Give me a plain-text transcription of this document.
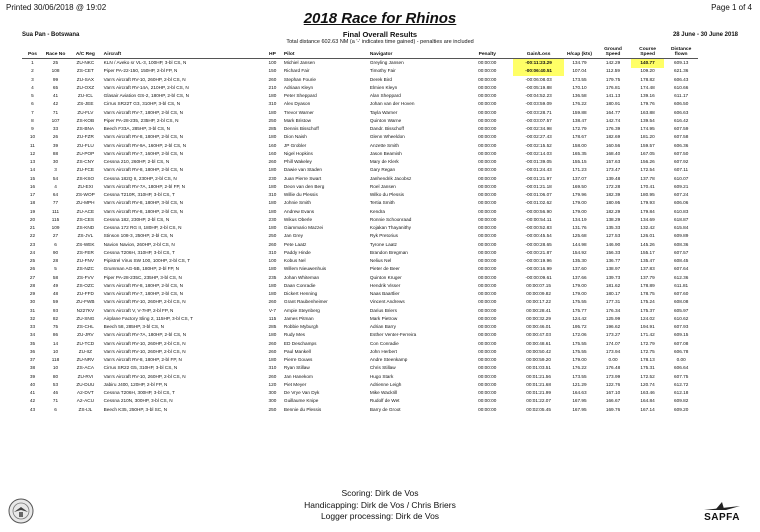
Printed 30/06/2018 @ 19:02	Page 1 of 4
2018 Race for Rhinos
Sua Pan - Botswana	28 June - 30 June 2018
Final Overall Results
Total distance 602.63 NM (a '-' indicates time gained) - penalties are included
Pos	Race No	A/C Reg	Aircraft	HP	Pilot	Navigator	Penalty	Gain/Loss	H/cap (kts)	Ground Speed	Course Speed	Distance flown
1	25	ZU-NKC	KLN / Aveko sr VL-3, 100HP, 3-bl CS, N	100	Michiel Jansen	Greyling Jansen	00:00:00	-00:11:23.29	134.79	142.29	140.77	609.13
2	108	ZS-CET	Piper PA-22-150, 150HP, 2-bl FP, N	150	Richard Fair	Timothy Fair	00:00:00	-00:06:40.51	107.04	112.59	109.20	621.36
3	99	ZU-SAX	Van's Aircraft RV-10, 260HP, 2-bl CS, N	260	Stephan Fourie	Derek Bird	00:00:00	-00:06:08.03	173.55	179.75	178.82	606.43
4	65	ZU-OXZ	Van's Aircraft RV-14A, 210HP, 2-bl CS, N	210	Adriaan Kleyn	Elmien Kleyn	00:00:00	-00:05:19.88	170.10	176.81	174.48	610.66
5	41	ZU-ICL	Glasair Aviation GS-2, 180HP, 2-bl CS, N	180	Peter Sheppard	Alan Sheppard	00:00:00	-00:04:52.23	136.58	141.13	139.16	611.17
6	42	ZS-JEE	Cirrus SR22T G3, 310HP, 3-bl CS, N	310	Alex Dyason	Johan van der Hoven	00:00:00	-00:03:59.09	176.22	180.91	179.76	606.50
7	71	ZU-FLV	Van's Aircraft RV-7, 180HP, 2-bl CS, N	180	Trevor Warner	Tayla Warner	00:00:00	-00:03:28.71	159.88	164.77	163.88	606.63
8	107	ZS-KOB	Piper PA-28-235, 235HP, 2-bl CS, N	250	Mark Bristow	Quinton Warne	00:00:00	-00:03:07.57	138.47	142.74	139.54	616.42
9	33	ZS-BNA	Beech F33A, 285HP, 3-bl CS, N	285	Dennis Bisschoff	Dandr. Bisschoff	00:00:00	-00:02:34.98	172.79	176.39	174.95	607.59
10	26	ZU-FZR	Van's Aircraft RV-8, 180HP, 2-bl CS, N	180	Dion Naish	Glenn Wheeldon	00:00:00	-00:02:27.43	178.67	182.69	181.20	607.58
11	39	ZU-FLU	Van's Aircraft RV-9A, 160HP, 2-bl CS, N	160	JP Grobler	Anzette Smith	00:00:00	-00:02:15.52	158.00	160.56	159.57	606.36
12	88	ZU-POP	Van's Aircraft RV-7, 160HP, 2-bl CS, N	160	Nigel Hopkins	Jason Beamish	00:00:00	-00:02:14.03	165.35	168.40	167.05	607.50
13	30	ZS-CNY	Cessna 210, 260HP, 2-bl CS, N	260	Phill Wakeley	Mary de Klerk	00:00:00	-00:01:39.05	155.15	157.63	156.26	607.92
14	3	ZU-FCE	Van's Aircraft RV-8, 180HP, 2-bl CS, N	180	Dawie van Staden	Gary Regan	00:00:00	-00:01:24.43	171.23	173.47	172.54	607.11
15	54	ZS-KSO	Cessna 182Q II, 230HP, 2-bl CS, N	230	Juan Pierre Swart	Janhendrik Jacobsz	00:00:00	-00:01:21.97	137.07	139.48	137.78	610.07
16	4	ZU-EXI	Van's Aircraft RV-7A, 180HP, 2-bl FP, N	180	Deon van den Berg	Roel Jansen	00:00:00	-00:01:21.18	169.50	172.28	170.41	609.21
17	64	ZS-WOP	Cessna T210R, 310HP, 3-bl CS, T	310	Willie du Plessis	Wilko du Plessis	00:00:00	-00:01:06.07	179.96	182.39	180.95	607.24
18	77	ZU-MPH	Van's Aircraft RV-8, 180HP, 3-bl CS, N	180	Johnie Smith	Tertia Smith	00:00:00	-00:01:02.62	179.00	180.95	179.93	606.06
19	111	ZU-ACE	Van's Aircraft RV-8, 180HP, 2-bl CS, N	180	Andrew Evans	Kendra	00:00:00	-00:00:56.90	179.00	182.29	179.84	610.83
20	115	ZS-CES	Cessna 182, 230HP, 2-bl CS, N	230	Wikus Oberle	Ronnie Schoonraad	00:00:00	-00:00:54.11	134.19	138.29	134.69	618.87
21	109	ZS-KND	Cessna 172 RG II, 180HP, 2-bl CS, N	180	Giammario Mazzei	Kojakan Thayanithy	00:00:00	-00:00:52.83	131.76	135.33	132.42	615.84
22	27	ZS-JVL	Stinson 108-3, 250HP, 2-bl CS, N	250	Jan Grey	Ryk Pretorius	00:00:00	-00:00:45.54	125.68	127.53	126.01	609.89
23	6	ZS-WEK	Navion Navion, 260HP, 2-bl CS, N	260	Pete Laatz	Tyrone Laatz	00:00:00	-00:00:28.65	144.98	146.90	145.26	608.36
24	90	ZS-FER	Cessna T206H, 310HP, 3-bl CS, T	310	Paddy Hinde	Brandon Bregman	00:00:00	-00:00:21.87	154.92	156.33	155.17	607.57
25	28	ZU-FNV	Pipistrel Virus SW 100, 100HP, 2-bl CS, T	100	Kobus Nel	Nelius Nel	00:00:00	-00:00:19.96	135.30	136.77	135.47	608.45
26	5	ZS-NZC	Grumman AG-5B, 180HP, 2-bl FP, N	180	Willem Nieuwenhuis	Pieter de Beer	00:00:00	-00:00:16.99	137.60	138.97	137.83	607.64
27	58	ZS-FVV	Piper PA-28-235C, 235HP, 3-bl CS, N	235	Johan Whiteman	Quinton Kruger	00:00:00	-00:00:09.61	137.66	139.73	137.79	612.36
28	49	ZS-OZC	Van's Aircraft RV-8, 180HP, 2-bl CS, N	180	Daan Conradie	Hendrik Visser	00:00:00	00:00:07.15	179.00	181.62	178.89	611.81
29	48	ZU-FFD	Van's Aircraft RV-7, 180HP, 2-bl CS, N	180	Dickert Henning	Naas Baartlier	00:00:00	00:00:09.82	179.00	180.17	178.75	607.60
30	59	ZU-FWB	Van's Aircraft RV-10, 260HP, 2-bl CS, N	260	Grant Raubenheimer	Vincent Andrews	00:00:00	00:00:17.22	175.55	177.31	175.24	608.08
31	93	N227KV	Van's Aircraft V, V-7HP, 2-bl FP, N	V-7	Ampie Steynberg	Darius Briers	00:00:00	00:00:28.41	175.77	176.34	175.37	605.97
32	82	ZU-SNG	Airplane Factory Sling 2, 115HP, 3-bl CS, T	115	James Pitman	Mark Pietrow	00:00:00	00:00:32.29	124.42	125.99	124.02	610.62
33	75	ZS-CHL	Beech 58, 285HP, 3-bl CS, N	285	Robbie Myburgh	Adrian Barry	00:00:00	00:00:46.01	195.72	196.62	194.91	607.93
34	86	ZU-JRV	Van's Aircraft RV-7A, 180HP, 2-bl CS, N	180	Rudy Mes	Esther Venter-Ferreira	00:00:00	00:00:47.03	172.06	173.27	171.42	609.15
35	14	ZU-TCD	Van's Aircraft RV-10, 260HP, 2-bl CS, N	260	ED Deschamps	Con Conradie	00:00:00	00:00:48.61	175.55	174.07	172.79	607.08
36	10	ZU-IIZ	Van's Aircraft RV-10, 260HP, 2-bl CS, N	260	Paul Mankell	John Herbert	00:00:00	00:00:50.42	175.55	173.94	172.75	606.78
37	118	ZU-NRV	Van's Aircraft RV-8, 180HP, 2-bl FP, N	180	Pierre Gouws	Andre Steenkamp	00:00:00	00:00:59.20	179.00	0.00	178.13	0.00
38	10	ZS-ACA	Cirrus SR22 G5, 310HP, 3-bl CS, N	310	Ryan Stillaw	Chris Stillaw	00:00:00	00:01:03.51	176.22	176.48	175.31	606.64
39	80	ZU-RVI	Van's Aircraft RV-10, 260HP, 2-bl CS, N	260	Jan Hanekom	Hugo Stark	00:00:00	00:01:21.56	173.55	173.99	172.52	607.75
40	53	ZU-DUU	Jabiru J400, 120HP, 2-bl FP, N	120	Piet Meyer	Adrienne Leigh	00:00:00	00:01:21.68	121.29	122.76	120.74	612.72
41	46	A2-DVT	Cessna T206H, 300HP, 3-bl CS, T	300	De Vrye Van Dyk	Mike Wackrill	00:00:00	00:01:21.99	164.63	167.10	163.46	612.18
42	71	A2-ACU	Cessna 210N, 300HP, 3-bl CS, N	300	Guillaume Knipe	Rudolf de Wet	00:00:00	00:01:22.07	167.95	166.67	164.84	609.82
43	6	ZS-IJL	Beech K35, 250HP, 3-bl SC, N	250	Bennie du Plessis	Barry de Groot	00:00:00	00:02:05.45	167.95	169.76	167.14	609.20
Scoring: Dirk de Vos
Handicapping: Dirk de Vos / Chris Briers
Logger processing: Dirk de Vos	SAPFA
